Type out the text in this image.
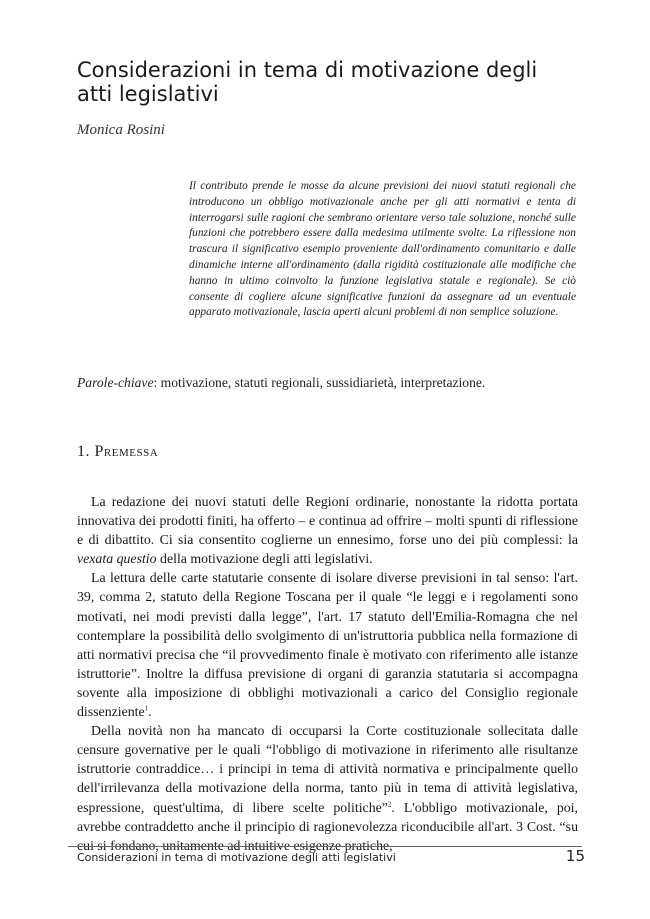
Considerazioni in tema di motivazione degli atti legislativi
Monica Rosini

Il contributo prende le mosse da alcune previsioni dei nuovi statuti regionali che introducono un obbligo motivazionale anche per gli atti normativi e tenta di interrogarsi sulle ragioni che sembrano orientare verso tale soluzione, nonché sulle funzioni che potrebbero essere dalla medesima utilmente svolte. La riflessione non trascura il significativo esempio proveniente dall'ordinamento comunitario e dalle dinamiche interne all'ordinamento (dalla rigidità costituzionale alle modifiche che hanno in ultimo coinvolto la funzione legislativa statale e regionale). Se ciò consente di cogliere alcune significative funzioni da assegnare ad un eventuale apparato motivazionale, lascia aperti alcuni problemi di non semplice soluzione.

Parole-chiave: motivazione, statuti regionali, sussidiarietà, interpretazione.
1. Premessa

La redazione dei nuovi statuti delle Regioni ordinarie, nonostante la ridotta portata innovativa dei prodotti finiti, ha offerto – e continua ad offrire – molti spunti di riflessione e di dibattito. Ci sia consentito coglierne un ennesimo, forse uno dei più complessi: la vexata questio della motivazione degli atti legislativi.

La lettura delle carte statutarie consente di isolare diverse previsioni in tal senso: l'art. 39, comma 2, statuto della Regione Toscana per il quale “le leggi e i regolamenti sono motivati, nei modi previsti dalla legge”, l'art. 17 statuto dell'Emilia-Romagna che nel contemplare la possibilità dello svolgimento di un'istruttoria pubblica nella formazione di atti normativi precisa che “il provvedimento finale è motivato con riferimento alle istanze istruttorie”. Inoltre la diffusa previsione di organi di garanzia statutaria si accompagna sovente alla imposizione di obblighi motivazionali a carico del Consiglio regionale dissenziente$^1$.

Della novità non ha mancato di occuparsi la Corte costituzionale sollecitata dalle censure governative per le quali “l'obbligo di motivazione in riferimento alle risultanze istruttorie contraddice… i principi in tema di attività normativa e principalmente quello dell'irrilevanza della motivazione della norma, tanto più in tema di attività legislativa, espressione, quest'ultima, di libere scelte politiche”$^2$. L'obbligo motivazionale, poi, avrebbe contraddetto anche il principio di ragionevolezza riconducibile all'art. 3 Cost. “su cui si fondano, unitamente ad intuitive esigenze pratiche,

Considerazioni in tema di motivazione degli atti legislativi	15
